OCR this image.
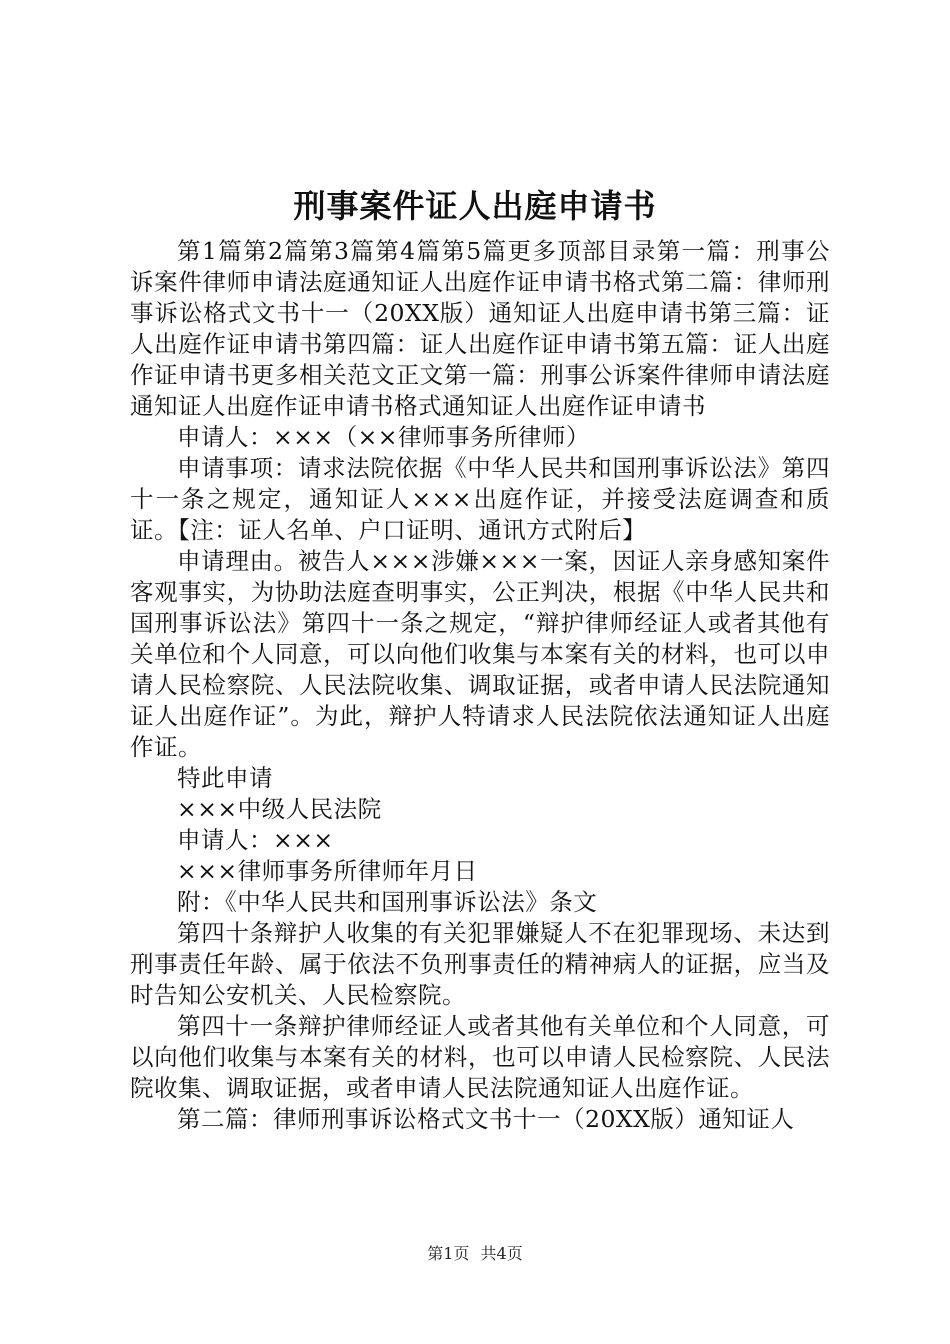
刑事案件证人出庭申请书

第1篇第2篇第3篇第4篇第5篇更多顶部目录第一篇：刑事公诉案件律师申请法庭通知证人出庭作证申请书格式第二篇：律师刑事诉讼格式文书十一（20XX版）通知证人出庭申请书第三篇：证人出庭作证申请书第四篇：证人出庭作证申请书第五篇：证人出庭作证申请书更多相关范文正文第一篇：刑事公诉案件律师申请法庭通知证人出庭作证申请书格式通知证人出庭作证申请书

申请人：×××（××律师事务所律师）

申请事项：请求法院依据《中华人民共和国刑事诉讼法》第四十一条之规定，通知证人×××出庭作证，并接受法庭调查和质证。【注：证人名单、户口证明、通讯方式附后】

申请理由。被告人×××涉嫌×××一案，因证人亲身感知案件客观事实，为协助法庭查明事实，公正判决，根据《中华人民共和国刑事诉讼法》第四十一条之规定，“辩护律师经证人或者其他有关单位和个人同意，可以向他们收集与本案有关的材料，也可以申请人民检察院、人民法院收集、调取证据，或者申请人民法院通知证人出庭作证”。为此，辩护人特请求人民法院依法通知证人出庭作证。

特此申请

×××中级人民法院

申请人：×××

×××律师事务所律师年月日

附：《中华人民共和国刑事诉讼法》条文

第四十条辩护人收集的有关犯罪嫌疑人不在犯罪现场、未达到刑事责任年龄、属于依法不负刑事责任的精神病人的证据，应当及时告知公安机关、人民检察院。

第四十一条辩护律师经证人或者其他有关单位和个人同意，可以向他们收集与本案有关的材料，也可以申请人民检察院、人民法院收集、调取证据，或者申请人民法院通知证人出庭作证。

第二篇：律师刑事诉讼格式文书十一（20XX版）通知证人

第1页 共4页
